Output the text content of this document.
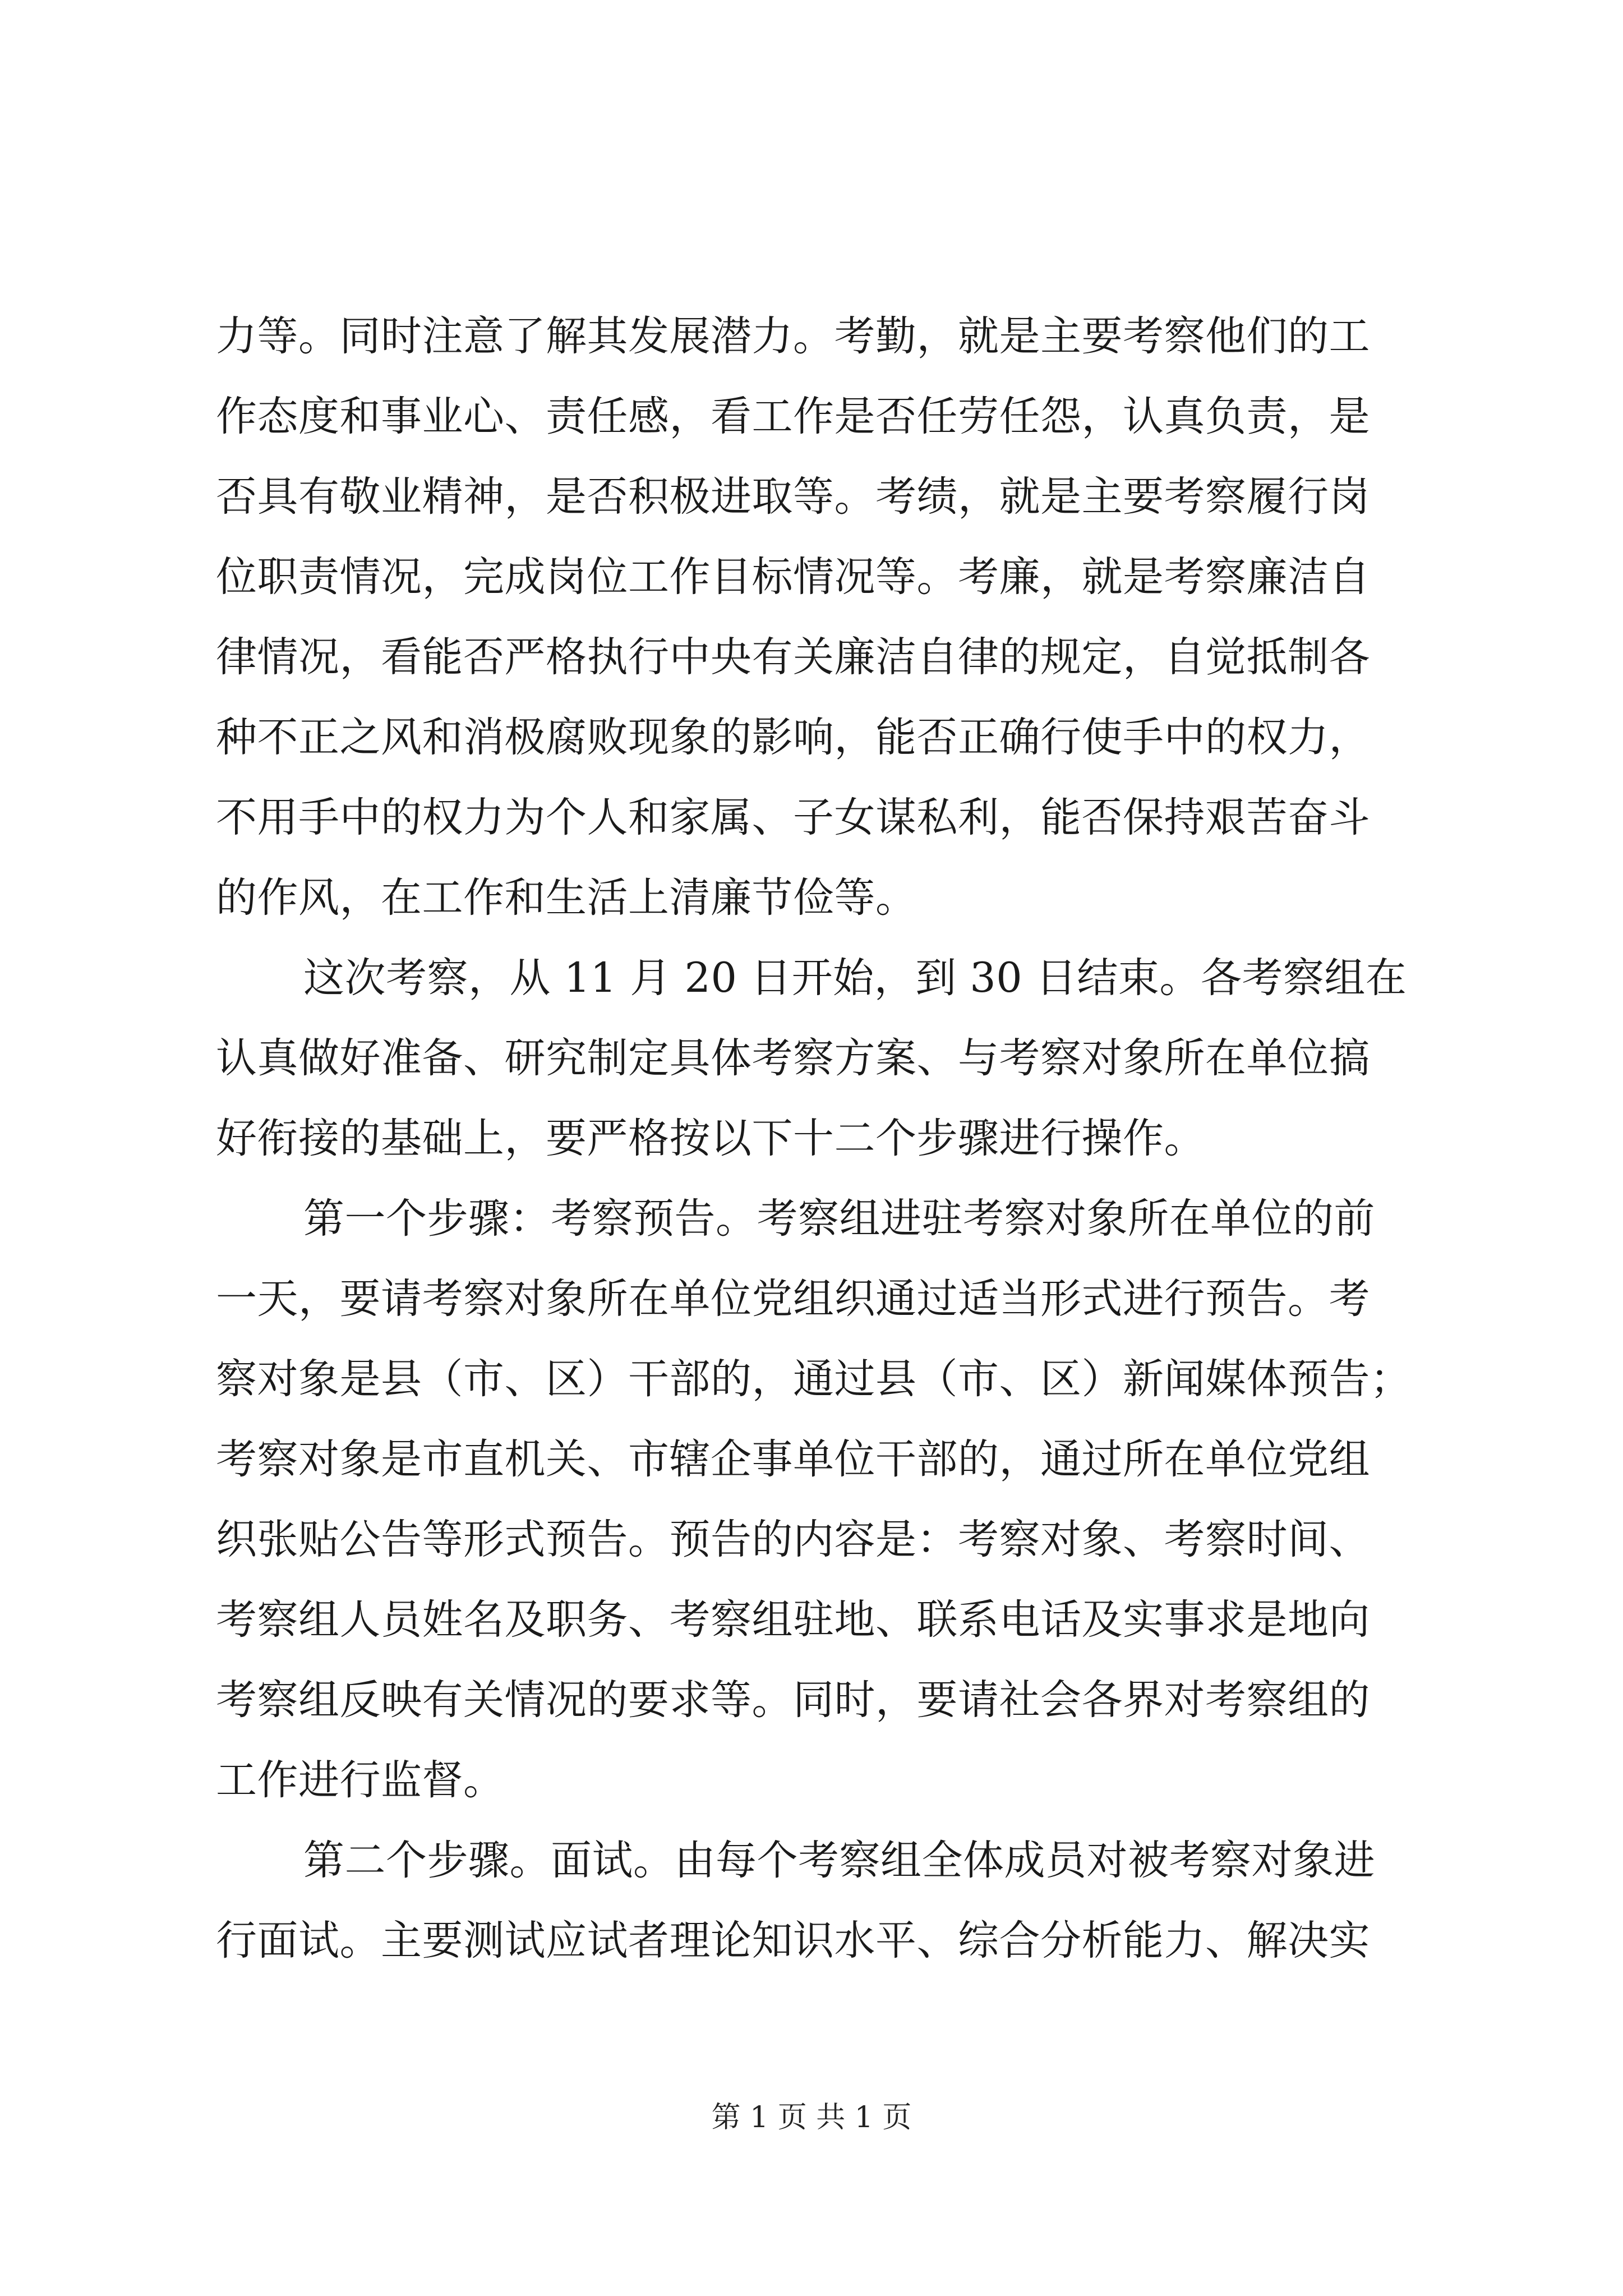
力等。同时注意了解其发展潜力。考勤，就是主要考察他们的工
作态度和事业心、责任感，看工作是否任劳任怨，认真负责，是
否具有敬业精神，是否积极进取等。考绩，就是主要考察履行岗
位职责情况，完成岗位工作目标情况等。考廉，就是考察廉洁自
律情况，看能否严格执行中央有关廉洁自律的规定，自觉抵制各
种不正之风和消极腐败现象的影响，能否正确行使手中的权力，
不用手中的权力为个人和家属、子女谋私利，能否保持艰苦奋斗
的作风，在工作和生活上清廉节俭等。
这次考察，从 11 月 20 日开始，到 30 日结束。各考察组在
认真做好准备、研究制定具体考察方案、与考察对象所在单位搞
好衔接的基础上，要严格按以下十二个步骤进行操作。
第一个步骤：考察预告。考察组进驻考察对象所在单位的前
一天，要请考察对象所在单位党组织通过适当形式进行预告。考
察对象是县（市、区）干部的，通过县（市、区）新闻媒体预告；
考察对象是市直机关、市辖企事单位干部的，通过所在单位党组
织张贴公告等形式预告。预告的内容是：考察对象、考察时间、
考察组人员姓名及职务、考察组驻地、联系电话及实事求是地向
考察组反映有关情况的要求等。同时，要请社会各界对考察组的
工作进行监督。
第二个步骤。面试。由每个考察组全体成员对被考察对象进
行面试。主要测试应试者理论知识水平、综合分析能力、解决实
第 1 页 共 1 页
